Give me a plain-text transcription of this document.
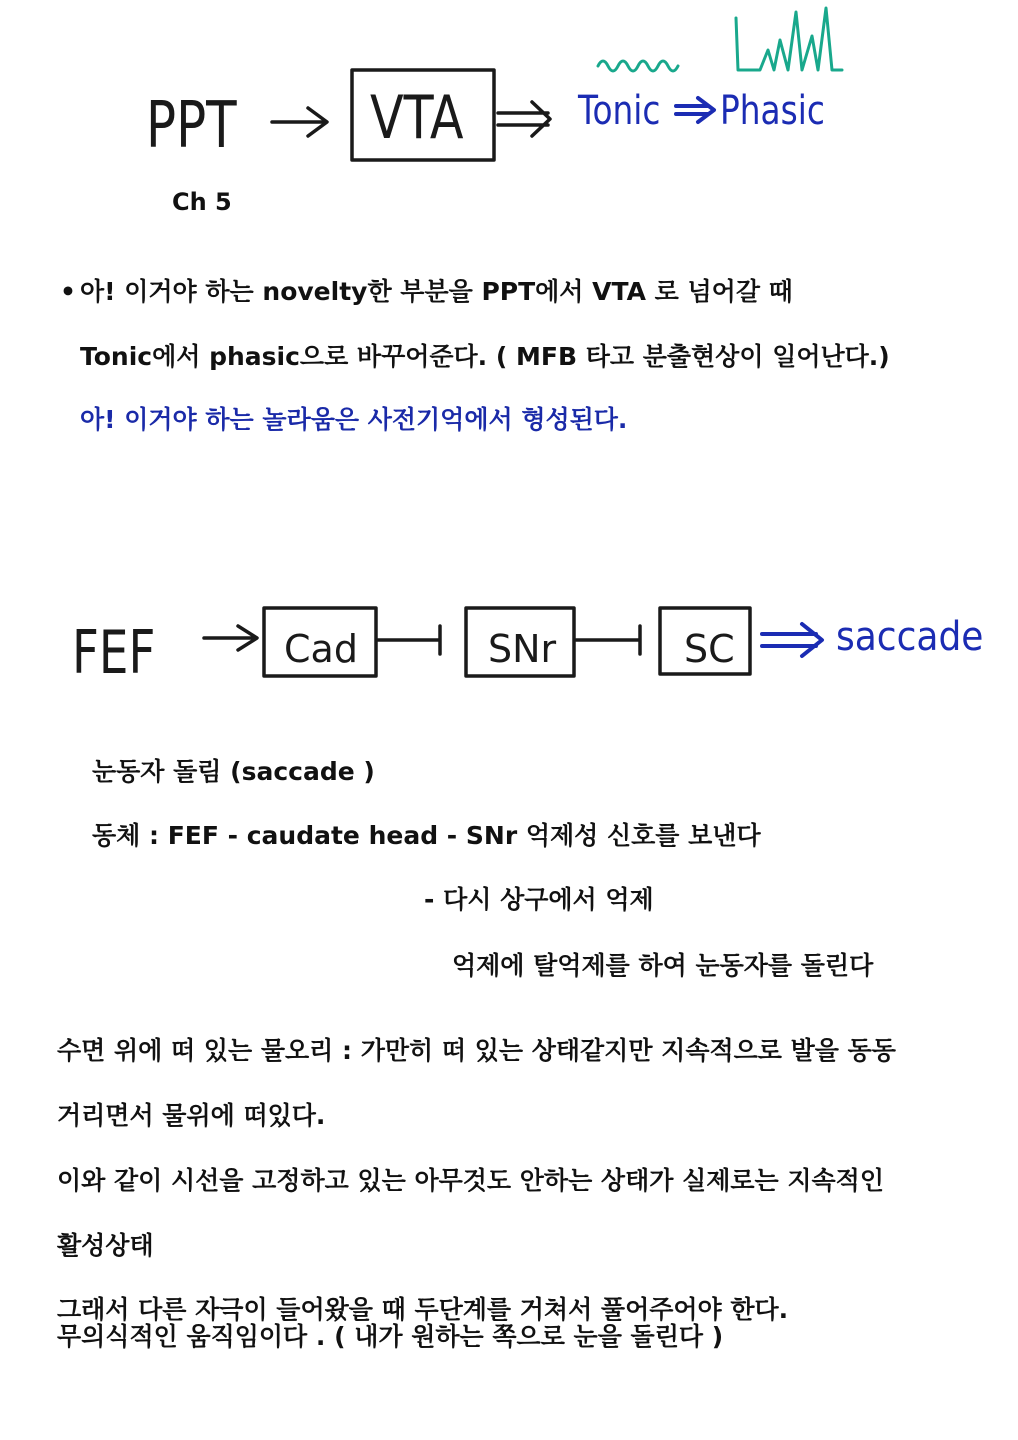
PPT VTA	Tonic Phasic
FEF	Cad	SNr	SC	saccade
Ch 5
• 아! 이거야 하는 novelty한 부분을 PPT에서 VTA 로 넘어갈 때
Tonic에서 phasic으로 바꾸어준다. ( MFB 타고 분출현상이 일어난다.)
아! 이거야 하는 놀라움은 사전기억에서 형성된다.
눈동자 돌림 (saccade )
동체 : FEF - caudate head - SNr 억제성 신호를 보낸다
- 다시 상구에서 억제
억제에 탈억제를 하여 눈동자를 돌린다
수면 위에 떠 있는 물오리 : 가만히 떠 있는 상태같지만 지속적으로 발을 동동
거리면서 물위에 떠있다.
이와 같이 시선을 고정하고 있는 아무것도 안하는 상태가 실제로는 지속적인
활성상태
그래서 다른 자극이 들어왔을 때 두단계를 거쳐서 풀어주어야 한다.
무의식적인 움직임이다 . ( 내가 원하는 쪽으로 눈을 돌린다 )
